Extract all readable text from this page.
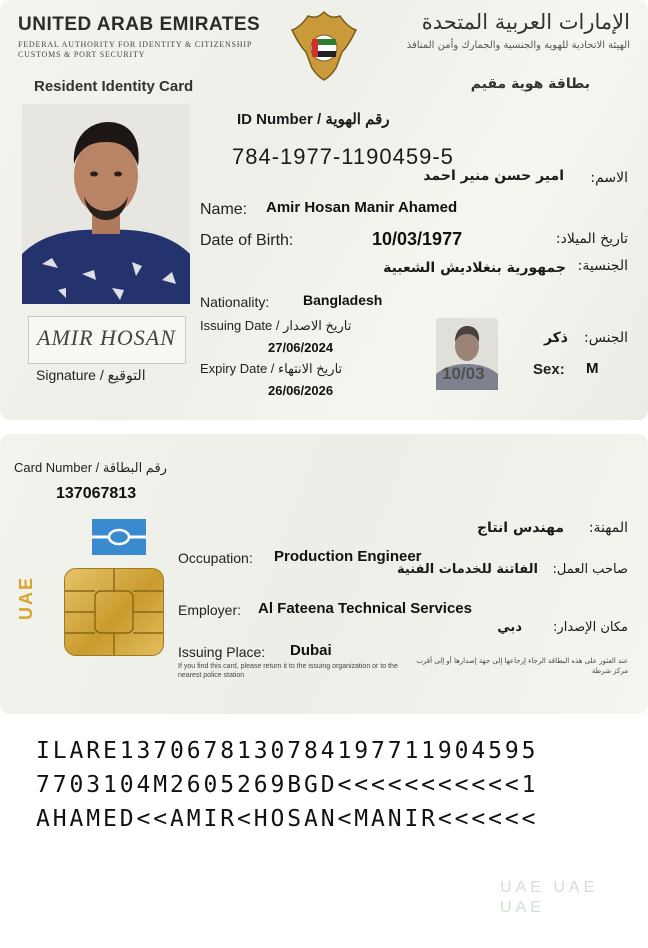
UNITED ARAB EMIRATES
FEDERAL AUTHORITY FOR IDENTITY & CITIZENSHIP CUSTOMS & PORT SECURITY
الإمارات العربية المتحدة
الهيئة الاتحادية للهوية والجنسية والجمارك وأمن المنافذ
Resident Identity Card	بطاقة هوية مقيم
ID Number / رقم الهوية
784-1977-1190459-5
الاسم:
امير حسن منير احمد
Name: Amir Hosan Manir Ahamed
Date of Birth:	10/03/1977	تاريخ الميلاد:
الجنسية:
جمهورية بنغلاديش الشعبية
Nationality: Bangladesh
Issuing Date / تاريخ الاصدار
27/06/2024
Expiry Date / تاريخ الانتهاء
26/06/2026
AMIR HOSAN
Signature / التوقيع	10/03
الجنس:
ذكر
Sex: M
UAE UAE UAE
Card Number / رقم البطاقة
137067813
المهنة:
مهندس انتاج
Occupation: Production Engineer
صاحب العمل:
الفاتنة للخدمات الفنية
Employer: Al Fateena Technical Services
مكان الإصدار:
دبي
Issuing Place: Dubai
If you find this card, please return it to the issuing organization or to the nearest police station
عند العثور على هذه البطاقة الرجاء إرجاعها إلى جهة إصدارها أو إلى أقرب مركز شرطة
UAE
ILARE1370678130784197711904595
7703104M2605269BGD<<<<<<<<<<<1
AHAMED<<AMIR<HOSAN<MANIR<<<<<<
